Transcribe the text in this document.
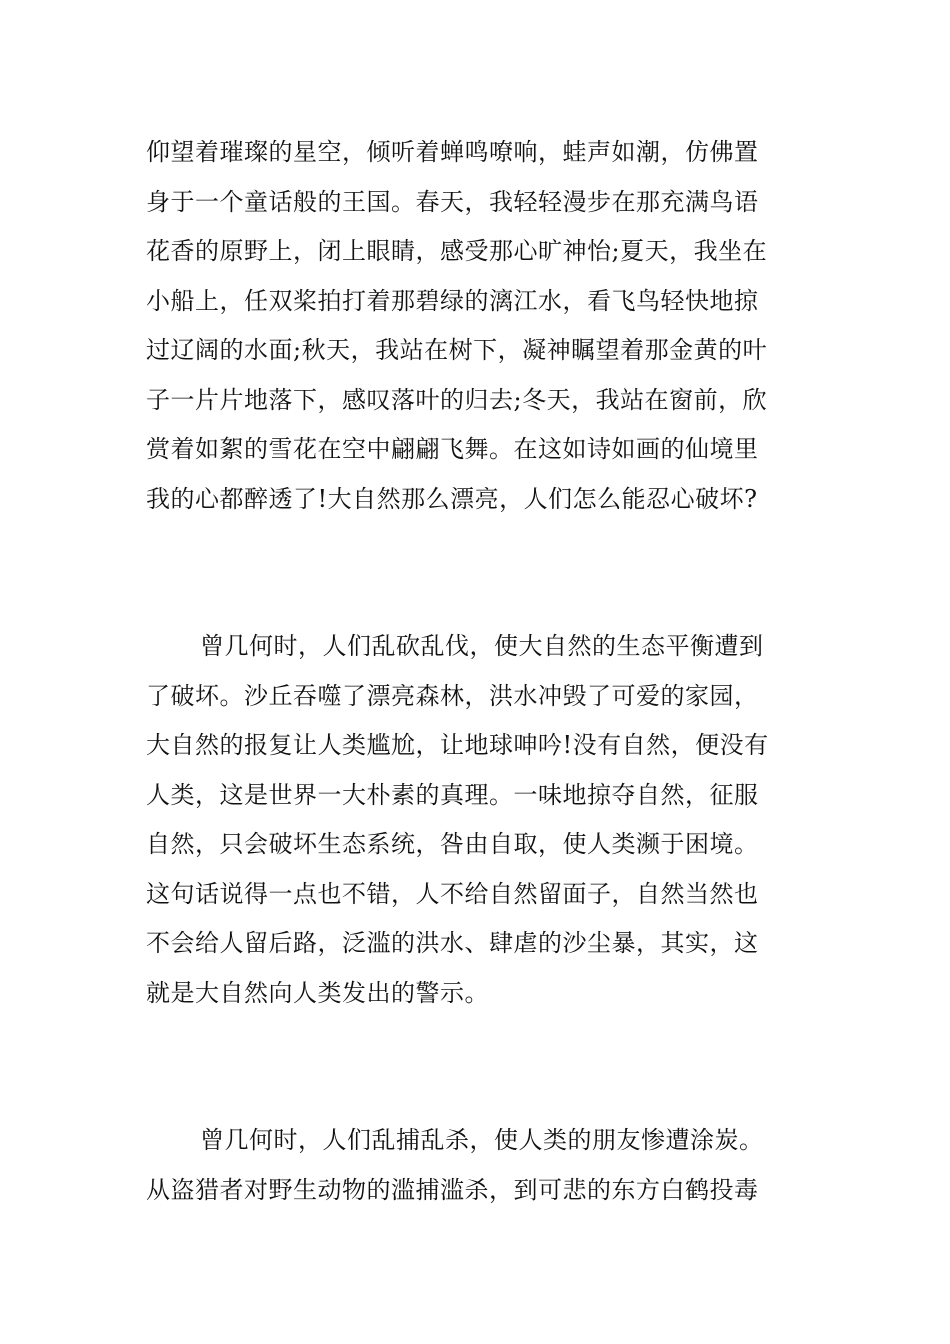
仰望着璀璨的星空，倾听着蝉鸣嘹响，蛙声如潮，仿佛置
身于一个童话般的王国。春天，我轻轻漫步在那充满鸟语
花香的原野上，闭上眼睛，感受那心旷神怡;夏天，我坐在
小船上，任双桨拍打着那碧绿的漓江水，看飞鸟轻快地掠
过辽阔的水面;秋天，我站在树下，凝神瞩望着那金黄的叶
子一片片地落下，感叹落叶的归去;冬天，我站在窗前，欣
赏着如絮的雪花在空中翩翩飞舞。在这如诗如画的仙境里
我的心都醉透了!大自然那么漂亮，人们怎么能忍心破坏?

曾几何时，人们乱砍乱伐，使大自然的生态平衡遭到
了破坏。沙丘吞噬了漂亮森林，洪水冲毁了可爱的家园，
大自然的报复让人类尴尬，让地球呻吟!没有自然，便没有
人类，这是世界一大朴素的真理。一味地掠夺自然，征服
自然，只会破坏生态系统，咎由自取，使人类濒于困境。
这句话说得一点也不错，人不给自然留面子，自然当然也
不会给人留后路，泛滥的洪水、肆虐的沙尘暴，其实，这
就是大自然向人类发出的警示。

曾几何时，人们乱捕乱杀，使人类的朋友惨遭涂炭。
从盗猎者对野生动物的滥捕滥杀，到可悲的东方白鹤投毒
